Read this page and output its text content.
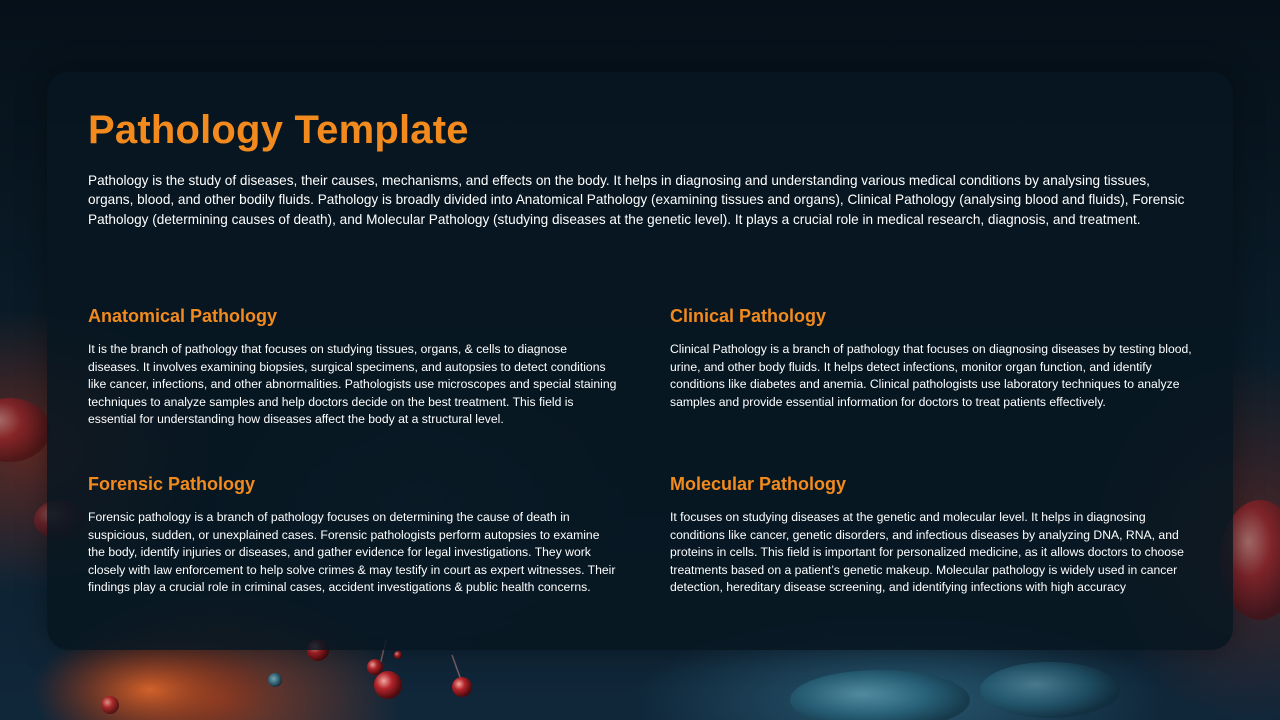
Pathology Template

Pathology is the study of diseases, their causes, mechanisms, and effects on the body. It helps in diagnosing and understanding various medical conditions by analysing tissues, organs, blood, and other bodily fluids. Pathology is broadly divided into Anatomical Pathology (examining tissues and organs), Clinical Pathology (analysing blood and fluids), Forensic Pathology (determining causes of death), and Molecular Pathology (studying diseases at the genetic level). It plays a crucial role in medical research, diagnosis, and treatment.

Anatomical Pathology

It is the branch of pathology that focuses on studying tissues, organs, & cells to diagnose diseases. It involves examining biopsies, surgical specimens, and autopsies to detect conditions like cancer, infections, and other abnormalities. Pathologists use microscopes and special staining techniques to analyze samples and help doctors decide on the best treatment. This field is essential for understanding how diseases affect the body at a structural level.

Clinical Pathology

Clinical Pathology is a branch of pathology that focuses on diagnosing diseases by testing blood, urine, and other body fluids. It helps detect infections, monitor organ function, and identify conditions like diabetes and anemia. Clinical pathologists use laboratory techniques to analyze samples and provide essential information for doctors to treat patients effectively.

Forensic Pathology

Forensic pathology is a branch of pathology focuses on determining the cause of death in suspicious, sudden, or unexplained cases. Forensic pathologists perform autopsies to examine the body, identify injuries or diseases, and gather evidence for legal investigations. They work closely with law enforcement to help solve crimes & may testify in court as expert witnesses. Their findings play a crucial role in criminal cases, accident investigations & public health concerns.

Molecular Pathology

It focuses on studying diseases at the genetic and molecular level. It helps in diagnosing conditions like cancer, genetic disorders, and infectious diseases by analyzing DNA, RNA, and proteins in cells. This field is important for personalized medicine, as it allows doctors to choose treatments based on a patient’s genetic makeup. Molecular pathology is widely used in cancer detection, hereditary disease screening, and identifying infections with high accuracy
